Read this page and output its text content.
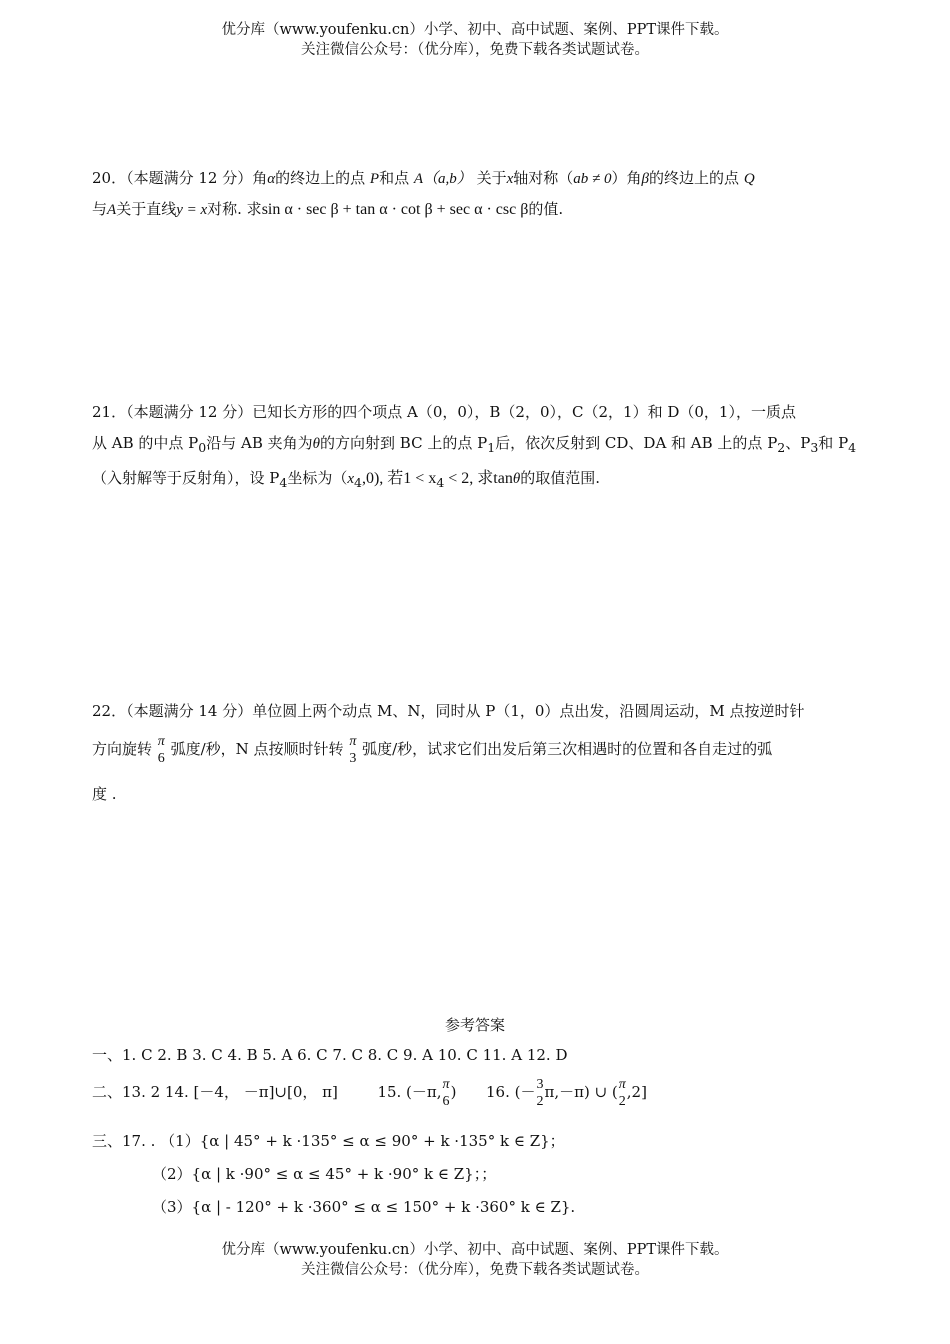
优分库（www.youfenku.cn）小学、初中、高中试题、案例、PPT课件下载。
关注微信公众号：（优分库），免费下载各类试题试卷。
20．（本题满分 12 分）角α的终边上的点 P和点 A（a,b） 关于x轴对称（ab ≠ 0）角β的终边上的点 Q
与A关于直线y = x对称. 求sin α · sec β + tan α · cot β + sec α · csc β的值.
21．（本题满分 12 分）已知长方形的四个项点 A（0，0），B（2，0），C（2，1）和 D（0，1），一质点
从 AB 的中点 $P_0$沿与 AB 夹角为θ的方向射到 BC 上的点 $P_1$后，依次反射到 CD、DA 和 AB 上的点 $P_2$、$P_3$和 $P_4$
（入射解等于反射角），设 $P_4$坐标为$(x_4,0)$, 若$1 < x_4 < 2$, 求tanθ的取值范围.
22．（本题满分 14 分）单位圆上两个动点 M、N，同时从 P（1，0）点出发，沿圆周运动，M 点按逆时针
方向旋转 π
6
弧度/秒，N 点按顺时针转 π
3
弧度/秒，试求它们出发后第三次相遇时的位置和各自走过的弧
度 .
参考答案
一、1. C 2. B 3. C 4. B 5. A 6. C 7. C 8. C 9. A 10. C 11. A 12. D
二、13. 2 14. [－4， －π]∪[0， π]	15. (－π, π
6
) 16. (－ 3
2
π,－π) ∪ ( π
2
,2]
三、17. . （1）{α | 45° + k ·135° ≤ α ≤ 90° + k ·135° k ∈ Z}；
（2）{α | k ·90° ≤ α ≤ 45° + k ·90° k ∈ Z}；；
（3）{α | - 120° + k ·360° ≤ α ≤ 150° + k ·360° k ∈ Z}.
优分库（www.youfenku.cn）小学、初中、高中试题、案例、PPT课件下载。
关注微信公众号：（优分库），免费下载各类试题试卷。
